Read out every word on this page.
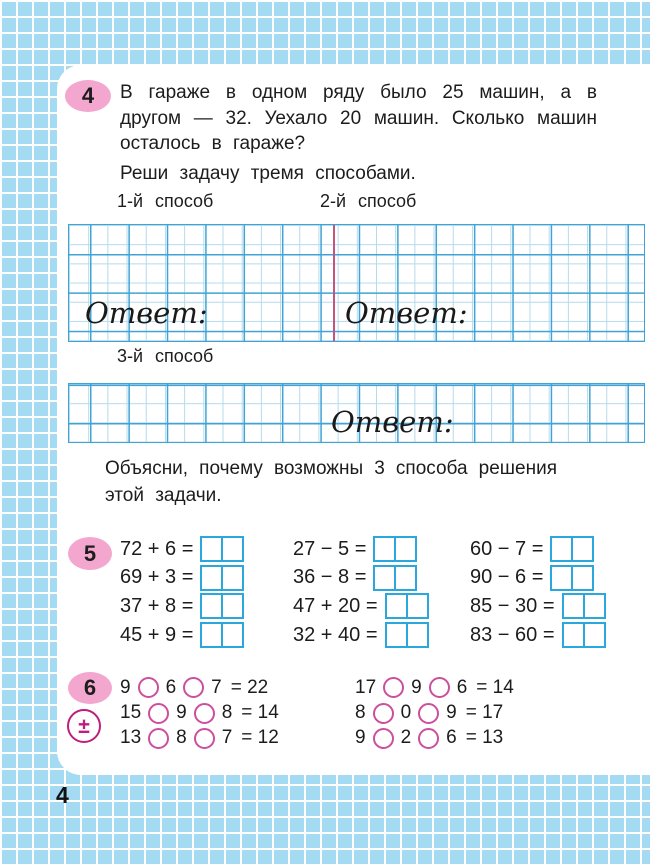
4 В гараже в одном ряду было 25 машин, а в
другом — 32. Уехало 20 машин. Сколько машин
осталось в гараже?
Реши задачу тремя способами.
1-й способ	2-й способ
Ответ:	Ответ:
3-й способ
Ответ:
Объясни, почему возможны 3 способа решения
этой задачи.
5 72 + 6 =
69 + 3 =
37 + 8 =
45 + 9 =
27 − 5 =
36 − 8 =
47 + 20 =
32 + 40 =
60 − 7 =
90 − 6 =
85 − 30 =
83 − 60 =
6
±
9 6 7 = 22
15 9 8 = 14
13 8 7 = 12
17 9 6 = 14
8 0 9 = 17
9 2 6 = 13
4
